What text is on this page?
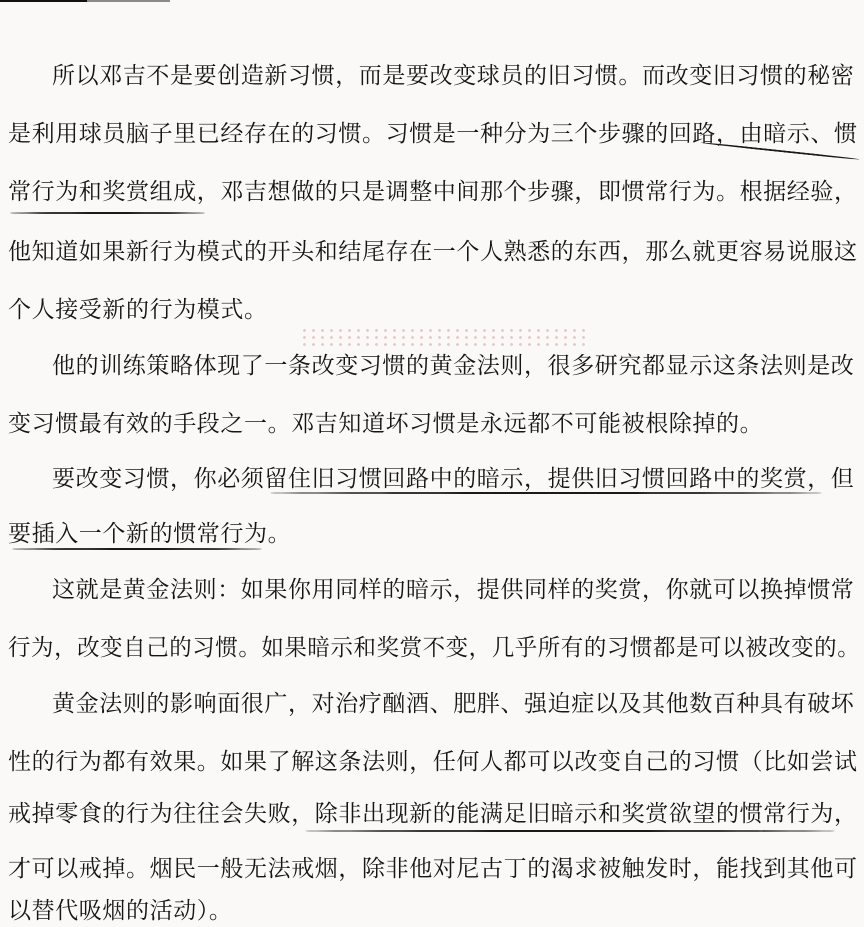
所以邓吉不是要创造新习惯，而是要改变球员的旧习惯。而改变旧习惯的秘密
是利用球员脑子里已经存在的习惯。习惯是一种分为三个步骤的回路，由暗示、惯
常行为和奖赏组成，邓吉想做的只是调整中间那个步骤，即惯常行为。根据经验，
他知道如果新行为模式的开头和结尾存在一个人熟悉的东西，那么就更容易说服这
个人接受新的行为模式。
他的训练策略体现了一条改变习惯的黄金法则，很多研究都显示这条法则是改
变习惯最有效的手段之一。邓吉知道坏习惯是永远都不可能被根除掉的。
要改变习惯，你必须留住旧习惯回路中的暗示，提供旧习惯回路中的奖赏，但
要插入一个新的惯常行为。
这就是黄金法则：如果你用同样的暗示，提供同样的奖赏，你就可以换掉惯常
行为，改变自己的习惯。如果暗示和奖赏不变，几乎所有的习惯都是可以被改变的。
黄金法则的影响面很广，对治疗酗酒、肥胖、强迫症以及其他数百种具有破坏
性的行为都有效果。如果了解这条法则，任何人都可以改变自己的习惯（比如尝试
戒掉零食的行为往往会失败，除非出现新的能满足旧暗示和奖赏欲望的惯常行为，
才可以戒掉。烟民一般无法戒烟，除非他对尼古丁的渴求被触发时，能找到其他可
以替代吸烟的活动）。
